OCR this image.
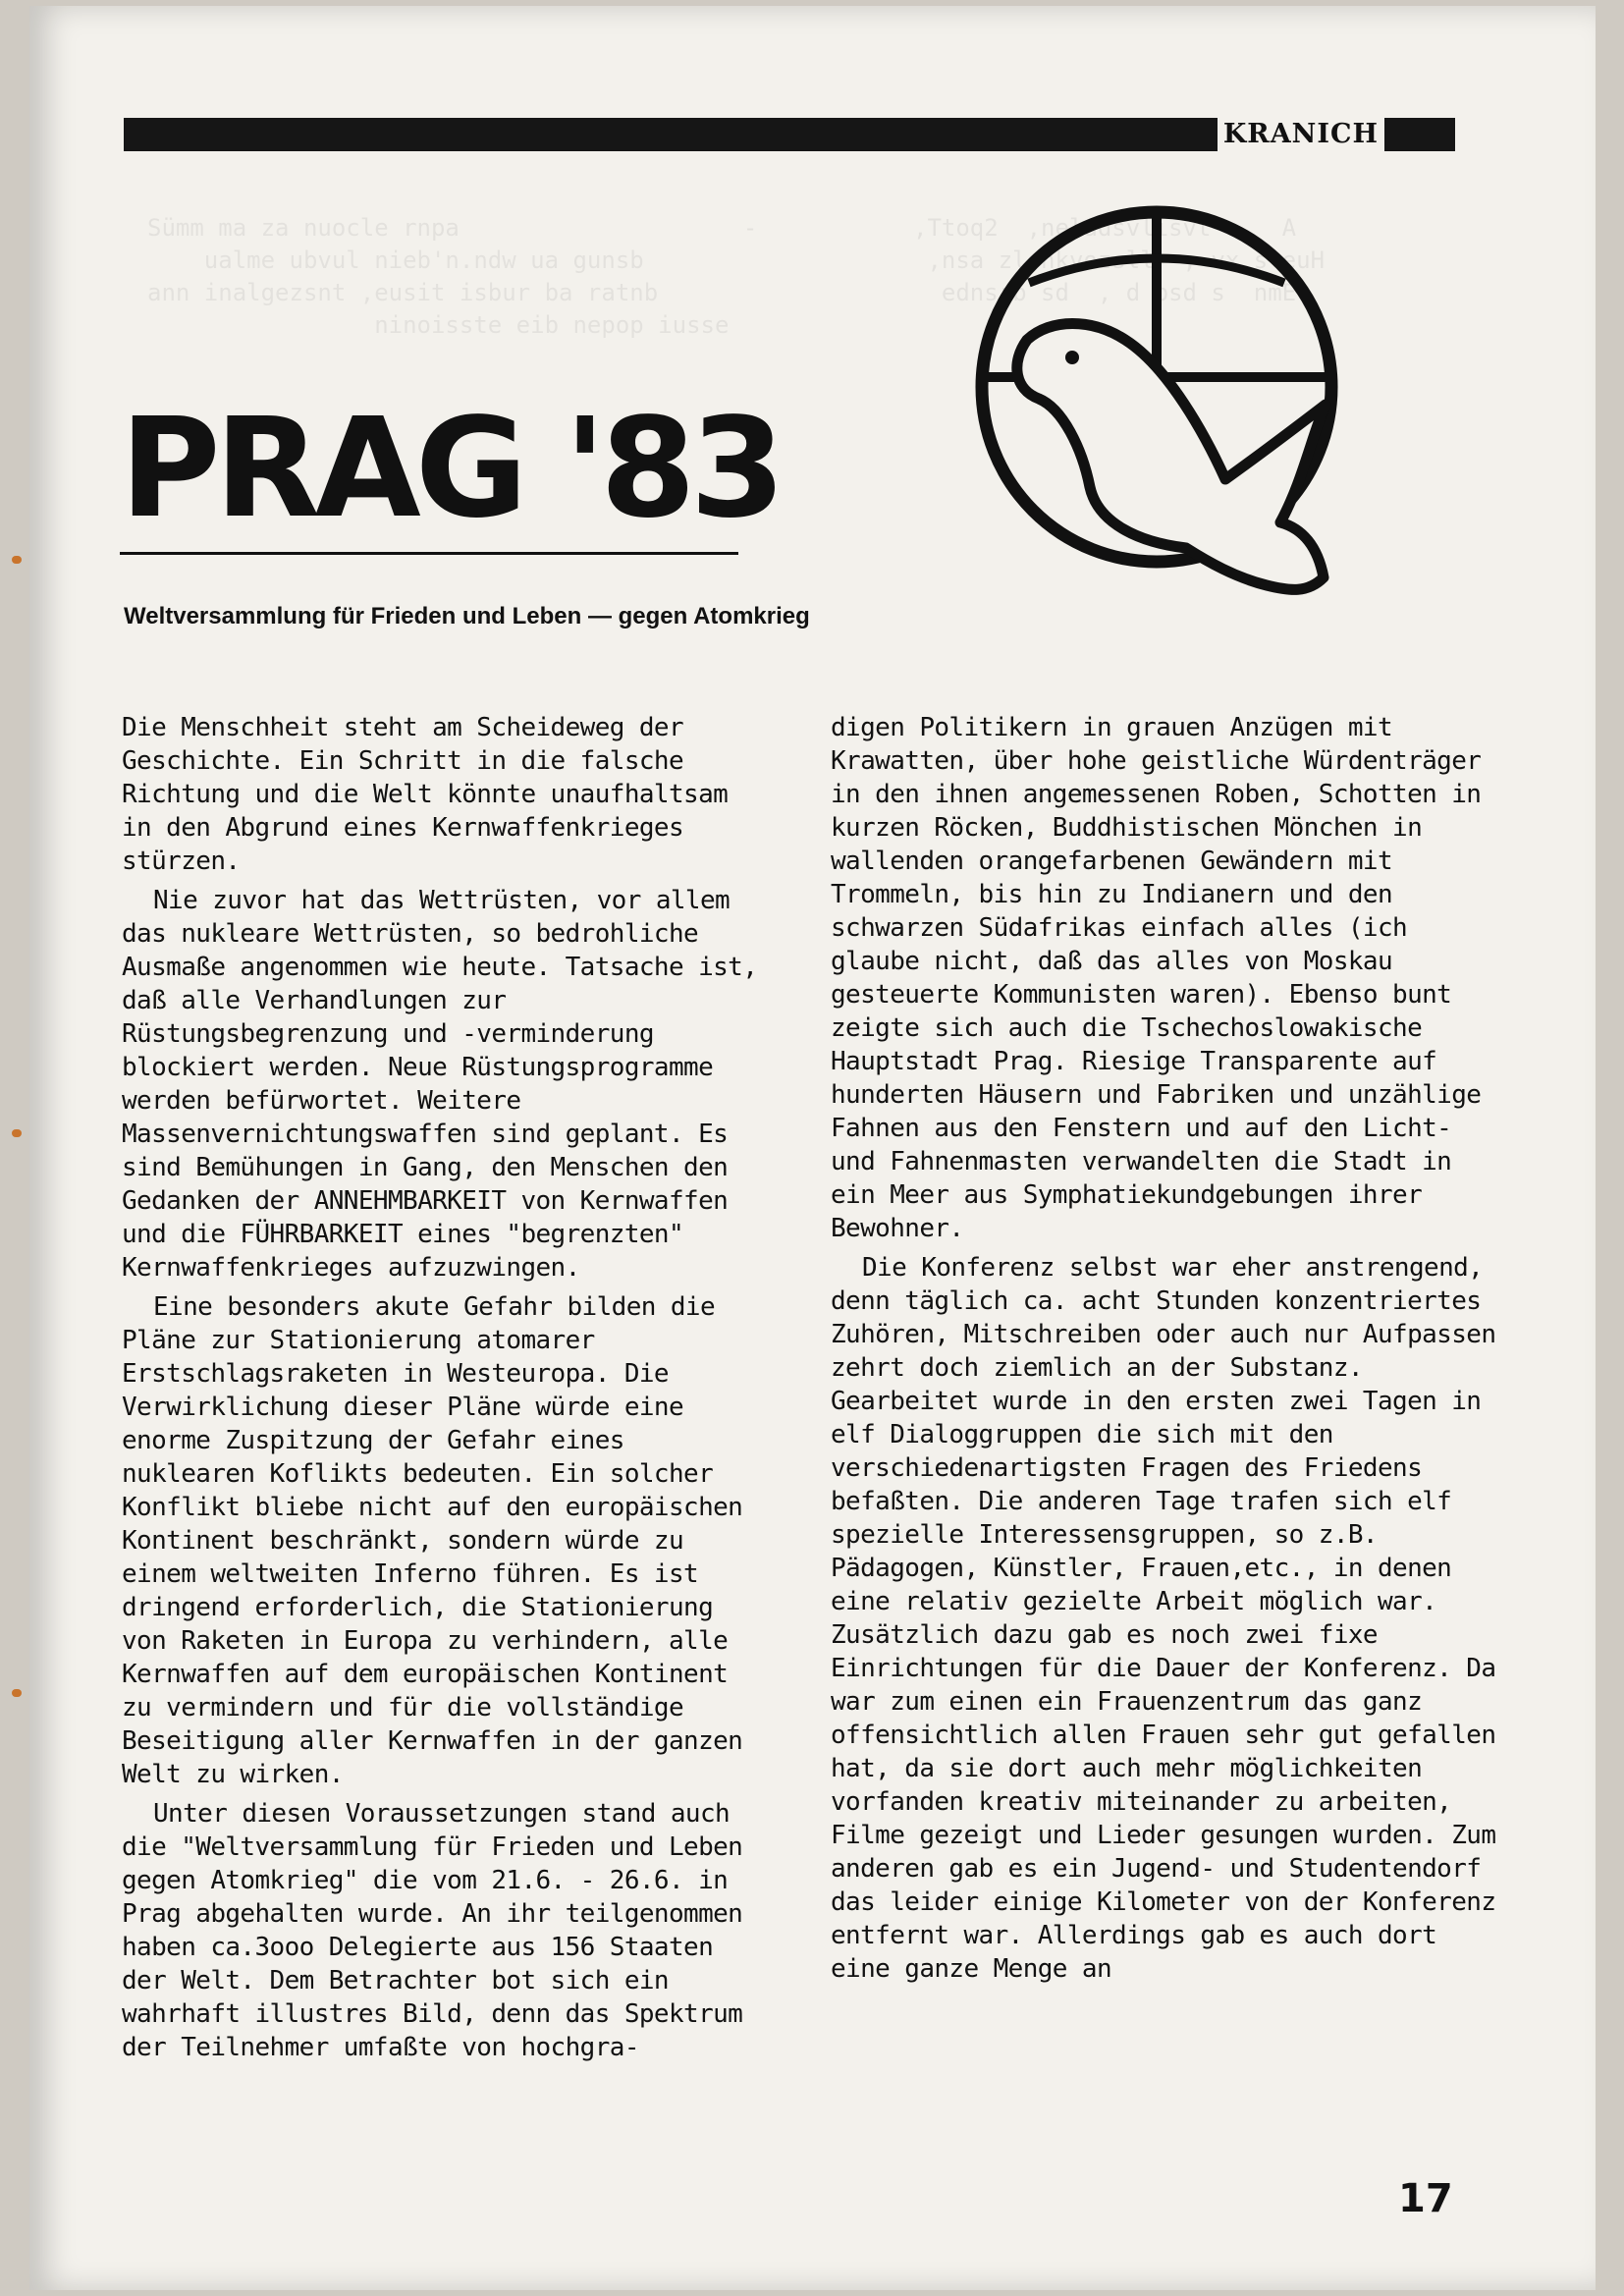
Sümm ma za nuocle rnpa                    -
ualme ubvul nieb'n.ndw ua gunsb
ann inalgezsnt ,eusit isbur ba ratnb
ninoisste eib nepop iusse
,Ttoq2  ,neladsvlisvt     A
,nsa zlonkvozsll  , vx sleuH
ednsrb sd  , d bsd s  nmE
KRANICH
PRAG '83

Weltversammlung für Frieden und Leben — gegen Atomkrieg

Die Menschheit steht am Scheideweg der Geschichte. Ein Schritt in die falsche Richtung und die Welt könnte unaufhaltsam in den Abgrund eines Kernwaffenkrieges stürzen.

Nie zuvor hat das Wettrüsten, vor allem das nukleare Wettrüsten, so bedrohliche Ausmaße angenommen wie heute. Tatsache ist, daß alle Verhandlungen zur Rüstungsbegrenzung und -verminderung blockiert werden. Neue Rüstungsprogramme werden befürwortet. Weitere Massenvernichtungswaffen sind geplant. Es sind Bemühungen in Gang, den Menschen den Gedanken der ANNEHMBARKEIT von Kernwaffen und die FÜHRBARKEIT eines "begrenzten" Kernwaffenkrieges aufzuzwingen.

Eine besonders akute Gefahr bilden die Pläne zur Stationierung atomarer Erstschlagsraketen in Westeuropa. Die Verwirklichung dieser Pläne würde eine enorme Zuspitzung der Gefahr eines nuklearen Koflikts bedeuten. Ein solcher Konflikt bliebe nicht auf den europäischen Kontinent beschränkt, sondern würde zu einem weltweiten Inferno führen. Es ist dringend erforderlich, die Stationierung von Raketen in Europa zu verhindern, alle Kernwaffen auf dem europäischen Kontinent zu vermindern und für die vollständige Beseitigung aller Kernwaffen in der ganzen Welt zu wirken.

Unter diesen Voraussetzungen stand auch die "Weltversammlung für Frieden und Leben gegen Atomkrieg" die vom 21.6. - 26.6. in Prag abgehalten wurde. An ihr teilgenommen haben ca.3ooo Delegierte aus 156 Staaten der Welt. Dem Betrachter bot sich ein wahrhaft illustres Bild, denn das Spektrum der Teilnehmer umfaßte von hochgra-

digen Politikern in grauen Anzügen mit Krawatten, über hohe geistliche Würdenträger in den ihnen angemessenen Roben, Schotten in kurzen Röcken, Buddhistischen Mönchen in wallenden orangefarbenen Gewändern mit Trommeln, bis hin zu Indianern und den schwarzen Südafrikas einfach alles (ich glaube nicht, daß das alles von Moskau gesteuerte Kommunisten waren). Ebenso bunt zeigte sich auch die Tschechoslowakische Hauptstadt Prag. Riesige Transparente auf hunderten Häusern und Fabriken und unzählige Fahnen aus den Fenstern und auf den Licht- und Fahnenmasten verwandelten die Stadt in ein Meer aus Symphatiekundgebungen ihrer Bewohner.

Die Konferenz selbst war eher anstrengend, denn täglich ca. acht Stunden konzentriertes Zuhören, Mitschreiben oder auch nur Aufpassen zehrt doch ziemlich an der Substanz. Gearbeitet wurde in den ersten zwei Tagen in elf Dialoggruppen die sich mit den verschiedenartigsten Fragen des Friedens befaßten. Die anderen Tage trafen sich elf spezielle Interessensgruppen, so z.B. Pädagogen, Künstler, Frauen,etc., in denen eine relativ gezielte Arbeit möglich war. Zusätzlich dazu gab es noch zwei fixe Einrichtungen für die Dauer der Konferenz. Da war zum einen ein Frauenzentrum das ganz offensichtlich allen Frauen sehr gut gefallen hat, da sie dort auch mehr möglichkeiten vorfanden kreativ miteinander zu arbeiten, Filme gezeigt und Lieder gesungen wurden. Zum anderen gab es ein Jugend- und Studentendorf das leider einige Kilometer von der Konferenz entfernt war. Allerdings gab es auch dort eine ganze Menge an

17
